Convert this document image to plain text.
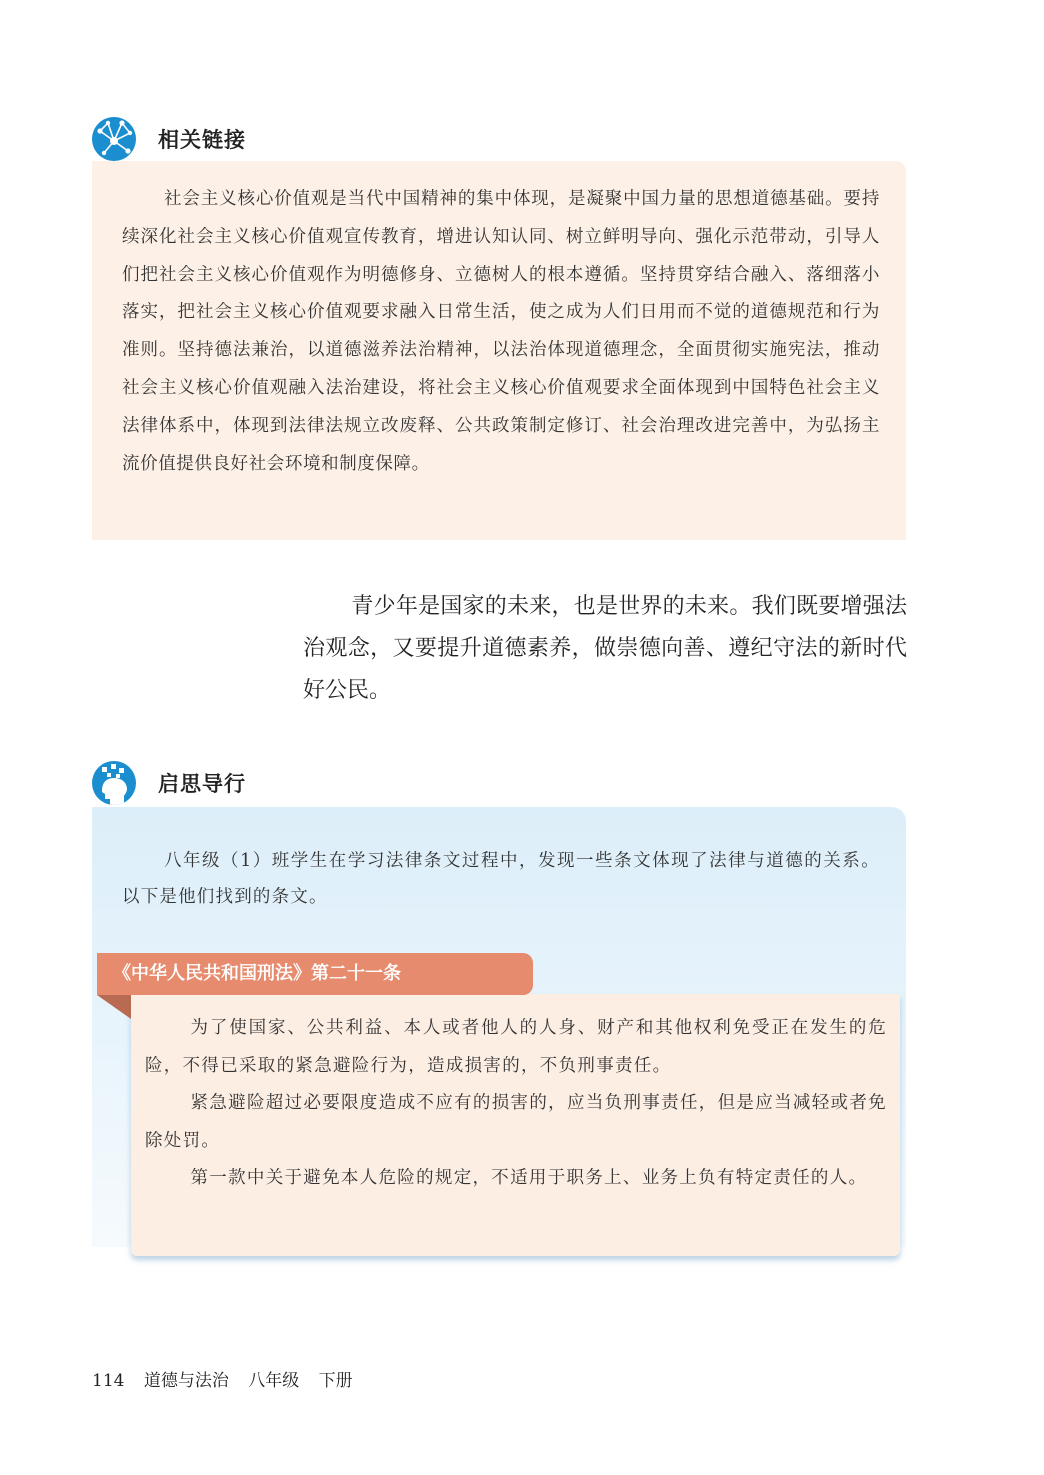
相关链接

社会主义核心价值观是当代中国精神的集中体现，是凝聚中国力量的思想道德基础。要持续深化社会主义核心价值观宣传教育，增进认知认同、树立鲜明导向、强化示范带动，引导人们把社会主义核心价值观作为明德修身、立德树人的根本遵循。坚持贯穿结合融入、落细落小落实，把社会主义核心价值观要求融入日常生活，使之成为人们日用而不觉的道德规范和行为准则。坚持德法兼治，以道德滋养法治精神，以法治体现道德理念，全面贯彻实施宪法，推动社会主义核心价值观融入法治建设，将社会主义核心价值观要求全面体现到中国特色社会主义法律体系中，体现到法律法规立改废释、公共政策制定修订、社会治理改进完善中，为弘扬主流价值提供良好社会环境和制度保障。

青少年是国家的未来，也是世界的未来。我们既要增强法治观念，又要提升道德素养，做崇德向善、遵纪守法的新时代好公民。

启思导行

八年级（1）班学生在学习法律条文过程中，发现一些条文体现了法律与道德的关系。以下是他们找到的条文。

《中华人民共和国刑法》第二十一条

为了使国家、公共利益、本人或者他人的人身、财产和其他权利免受正在发生的危险，不得已采取的紧急避险行为，造成损害的，不负刑事责任。

紧急避险超过必要限度造成不应有的损害的，应当负刑事责任，但是应当减轻或者免除处罚。

第一款中关于避免本人危险的规定，不适用于职务上、业务上负有特定责任的人。

114 道德与法治 八年级 下册
